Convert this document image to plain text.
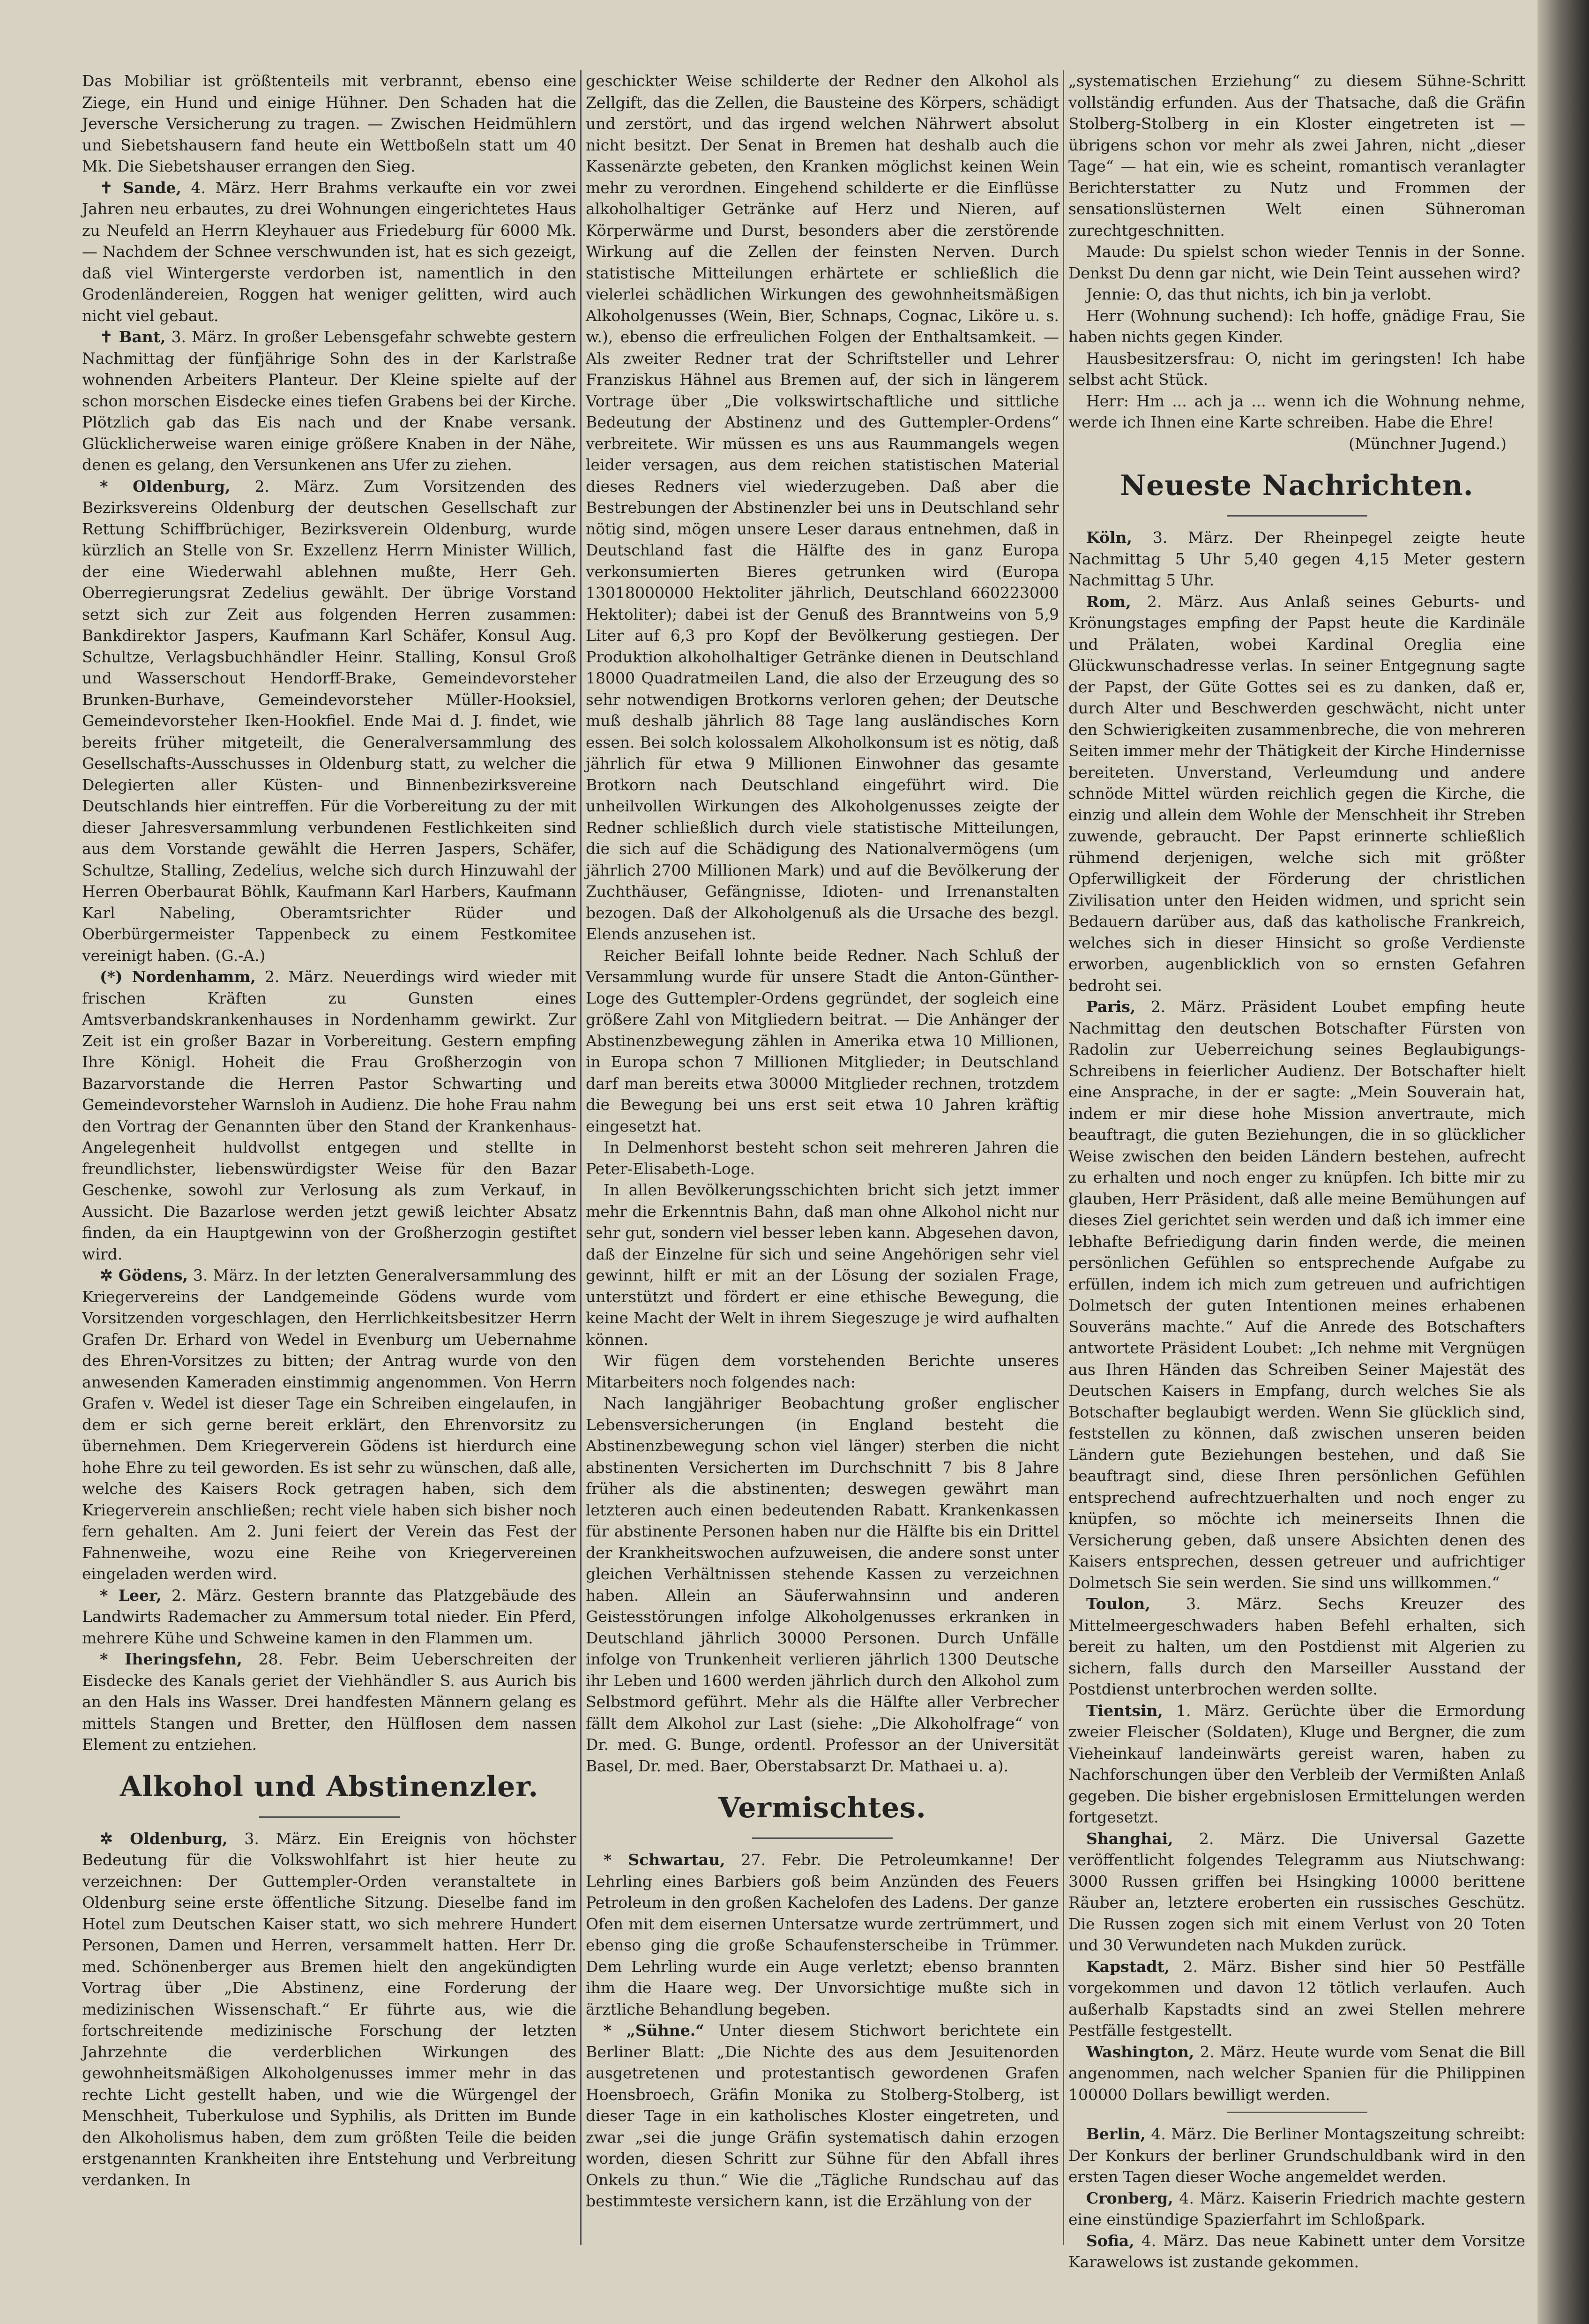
Das Mobiliar ist größtenteils mit verbrannt, ebenso eine Ziege, ein Hund und einige Hühner. Den Schaden hat die Jeversche Versicherung zu tragen. — Zwischen Heidmühlern und Siebetshausern fand heute ein Wettboßeln statt um 40 Mk. Die Siebetshauser errangen den Sieg.

✝ Sande, 4. März. Herr Brahms verkaufte ein vor zwei Jahren neu erbautes, zu drei Wohnungen eingerichtetes Haus zu Neufeld an Herrn Kleyhauer aus Friedeburg für 6000 Mk. — Nachdem der Schnee verschwunden ist, hat es sich gezeigt, daß viel Wintergerste verdorben ist, namentlich in den Grodenländereien, Roggen hat weniger gelitten, wird auch nicht viel gebaut.

✝ Bant, 3. März. In großer Lebensgefahr schwebte gestern Nachmittag der fünfjährige Sohn des in der Karlstraße wohnenden Arbeiters Planteur. Der Kleine spielte auf der schon morschen Eisdecke eines tiefen Grabens bei der Kirche. Plötzlich gab das Eis nach und der Knabe versank. Glücklicherweise waren einige größere Knaben in der Nähe, denen es gelang, den Versunkenen ans Ufer zu ziehen.

* Oldenburg, 2. März. Zum Vorsitzenden des Bezirksvereins Oldenburg der deutschen Gesellschaft zur Rettung Schiffbrüchiger, Bezirksverein Oldenburg, wurde kürzlich an Stelle von Sr. Exzellenz Herrn Minister Willich, der eine Wiederwahl ablehnen mußte, Herr Geh. Oberregierungsrat Zedelius gewählt. Der übrige Vorstand setzt sich zur Zeit aus folgenden Herren zusammen: Bankdirektor Jaspers, Kaufmann Karl Schäfer, Konsul Aug. Schultze, Verlagsbuchhändler Heinr. Stalling, Konsul Groß und Wasserschout Hendorff-Brake, Gemeindevorsteher Brunken-Burhave, Gemeindevorsteher Müller-Hooksiel, Gemeindevorsteher Iken-Hookfiel. Ende Mai d. J. findet, wie bereits früher mitgeteilt, die Generalversammlung des Gesellschafts-Ausschusses in Oldenburg statt, zu welcher die Delegierten aller Küsten- und Binnenbezirksvereine Deutschlands hier eintreffen. Für die Vorbereitung zu der mit dieser Jahresversammlung verbundenen Festlichkeiten sind aus dem Vorstande gewählt die Herren Jaspers, Schäfer, Schultze, Stalling, Zedelius, welche sich durch Hinzuwahl der Herren Oberbaurat Böhlk, Kaufmann Karl Harbers, Kaufmann Karl Nabeling, Oberamtsrichter Rüder und Oberbürgermeister Tappenbeck zu einem Festkomitee vereinigt haben. (G.-A.)

(*) Nordenhamm, 2. März. Neuerdings wird wieder mit frischen Kräften zu Gunsten eines Amtsverbandskrankenhauses in Nordenhamm gewirkt. Zur Zeit ist ein großer Bazar in Vorbereitung. Gestern empfing Ihre Königl. Hoheit die Frau Großherzogin von Bazarvorstande die Herren Pastor Schwarting und Gemeindevorsteher Warnsloh in Audienz. Die hohe Frau nahm den Vortrag der Genannten über den Stand der Krankenhaus-Angelegenheit huldvollst entgegen und stellte in freundlichster, liebenswürdigster Weise für den Bazar Geschenke, sowohl zur Verlosung als zum Verkauf, in Aussicht. Die Bazarlose werden jetzt gewiß leichter Absatz finden, da ein Hauptgewinn von der Großherzogin gestiftet wird.

✲ Gödens, 3. März. In der letzten Generalversammlung des Kriegervereins der Landgemeinde Gödens wurde vom Vorsitzenden vorgeschlagen, den Herrlichkeitsbesitzer Herrn Grafen Dr. Erhard von Wedel in Evenburg um Uebernahme des Ehren-Vorsitzes zu bitten; der Antrag wurde von den anwesenden Kameraden einstimmig angenommen. Von Herrn Grafen v. Wedel ist dieser Tage ein Schreiben eingelaufen, in dem er sich gerne bereit erklärt, den Ehrenvorsitz zu übernehmen. Dem Kriegerverein Gödens ist hierdurch eine hohe Ehre zu teil geworden. Es ist sehr zu wünschen, daß alle, welche des Kaisers Rock getragen haben, sich dem Kriegerverein anschließen; recht viele haben sich bisher noch fern gehalten. Am 2. Juni feiert der Verein das Fest der Fahnenweihe, wozu eine Reihe von Kriegervereinen eingeladen werden wird.

* Leer, 2. März. Gestern brannte das Platzgebäude des Landwirts Rademacher zu Ammersum total nieder. Ein Pferd, mehrere Kühe und Schweine kamen in den Flammen um.

* Iheringsfehn, 28. Febr. Beim Ueberschreiten der Eisdecke des Kanals geriet der Viehhändler S. aus Aurich bis an den Hals ins Wasser. Drei handfesten Männern gelang es mittels Stangen und Bretter, den Hülflosen dem nassen Element zu entziehen.

Alkohol und Abstinenzler.

✲ Oldenburg, 3. März. Ein Ereignis von höchster Bedeutung für die Volkswohlfahrt ist hier heute zu verzeichnen: Der Guttempler-Orden veranstaltete in Oldenburg seine erste öffentliche Sitzung. Dieselbe fand im Hotel zum Deutschen Kaiser statt, wo sich mehrere Hundert Personen, Damen und Herren, versammelt hatten. Herr Dr. med. Schönenberger aus Bremen hielt den angekündigten Vortrag über „Die Abstinenz, eine Forderung der medizinischen Wissenschaft.“ Er führte aus, wie die fortschreitende medizinische Forschung der letzten Jahrzehnte die verderblichen Wirkungen des gewohnheitsmäßigen Alkoholgenusses immer mehr in das rechte Licht gestellt haben, und wie die Würgengel der Menschheit, Tuberkulose und Syphilis, als Dritten im Bunde den Alkoholismus haben, dem zum größten Teile die beiden erstgenannten Krankheiten ihre Entstehung und Verbreitung verdanken. In

geschickter Weise schilderte der Redner den Alkohol als Zellgift, das die Zellen, die Bausteine des Körpers, schädigt und zerstört, und das irgend welchen Nährwert absolut nicht besitzt. Der Senat in Bremen hat deshalb auch die Kassenärzte gebeten, den Kranken möglichst keinen Wein mehr zu verordnen. Eingehend schilderte er die Einflüsse alkoholhaltiger Getränke auf Herz und Nieren, auf Körperwärme und Durst, besonders aber die zerstörende Wirkung auf die Zellen der feinsten Nerven. Durch statistische Mitteilungen erhärtete er schließlich die vielerlei schädlichen Wirkungen des gewohnheitsmäßigen Alkoholgenusses (Wein, Bier, Schnaps, Cognac, Liköre u. s. w.), ebenso die erfreulichen Folgen der Enthaltsamkeit. — Als zweiter Redner trat der Schriftsteller und Lehrer Franziskus Hähnel aus Bremen auf, der sich in längerem Vortrage über „Die volkswirtschaftliche und sittliche Bedeutung der Abstinenz und des Guttempler-Ordens“ verbreitete. Wir müssen es uns aus Raummangels wegen leider versagen, aus dem reichen statistischen Material dieses Redners viel wiederzugeben. Daß aber die Bestrebungen der Abstinenzler bei uns in Deutschland sehr nötig sind, mögen unsere Leser daraus entnehmen, daß in Deutschland fast die Hälfte des in ganz Europa verkonsumierten Bieres getrunken wird (Europa 13018000000 Hektoliter jährlich, Deutschland 660223000 Hektoliter); dabei ist der Genuß des Branntweins von 5,9 Liter auf 6,3 pro Kopf der Bevölkerung gestiegen. Der Produktion alkoholhaltiger Getränke dienen in Deutschland 18000 Quadratmeilen Land, die also der Erzeugung des so sehr notwendigen Brotkorns verloren gehen; der Deutsche muß deshalb jährlich 88 Tage lang ausländisches Korn essen. Bei solch kolossalem Alkoholkonsum ist es nötig, daß jährlich für etwa 9 Millionen Einwohner das gesamte Brotkorn nach Deutschland eingeführt wird. Die unheilvollen Wirkungen des Alkoholgenusses zeigte der Redner schließlich durch viele statistische Mitteilungen, die sich auf die Schädigung des Nationalvermögens (um jährlich 2700 Millionen Mark) und auf die Bevölkerung der Zuchthäuser, Gefängnisse, Idioten- und Irrenanstalten bezogen. Daß der Alkoholgenuß als die Ursache des bezgl. Elends anzusehen ist.

Reicher Beifall lohnte beide Redner. Nach Schluß der Versammlung wurde für unsere Stadt die Anton-Günther-Loge des Guttempler-Ordens gegründet, der sogleich eine größere Zahl von Mitgliedern beitrat. — Die Anhänger der Abstinenzbewegung zählen in Amerika etwa 10 Millionen, in Europa schon 7 Millionen Mitglieder; in Deutschland darf man bereits etwa 30000 Mitglieder rechnen, trotzdem die Bewegung bei uns erst seit etwa 10 Jahren kräftig eingesetzt hat.

In Delmenhorst besteht schon seit mehreren Jahren die Peter-Elisabeth-Loge.

In allen Bevölkerungsschichten bricht sich jetzt immer mehr die Erkenntnis Bahn, daß man ohne Alkohol nicht nur sehr gut, sondern viel besser leben kann. Abgesehen davon, daß der Einzelne für sich und seine Angehörigen sehr viel gewinnt, hilft er mit an der Lösung der sozialen Frage, unterstützt und fördert er eine ethische Bewegung, die keine Macht der Welt in ihrem Siegeszuge je wird aufhalten können.

Wir fügen dem vorstehenden Berichte unseres Mitarbeiters noch folgendes nach:

Nach langjähriger Beobachtung großer englischer Lebensversicherungen (in England besteht die Abstinenzbewegung schon viel länger) sterben die nicht abstinenten Versicherten im Durchschnitt 7 bis 8 Jahre früher als die abstinenten; deswegen gewährt man letzteren auch einen bedeutenden Rabatt. Krankenkassen für abstinente Personen haben nur die Hälfte bis ein Drittel der Krankheitswochen aufzuweisen, die andere sonst unter gleichen Verhältnissen stehende Kassen zu verzeichnen haben. Allein an Säuferwahnsinn und anderen Geistesstörungen infolge Alkoholgenusses erkranken in Deutschland jährlich 30000 Personen. Durch Unfälle infolge von Trunkenheit verlieren jährlich 1300 Deutsche ihr Leben und 1600 werden jährlich durch den Alkohol zum Selbstmord geführt. Mehr als die Hälfte aller Verbrecher fällt dem Alkohol zur Last (siehe: „Die Alkoholfrage“ von Dr. med. G. Bunge, ordentl. Professor an der Universität Basel, Dr. med. Baer, Oberstabsarzt Dr. Mathaei u. a).

Vermischtes.

* Schwartau, 27. Febr. Die Petroleumkanne! Der Lehrling eines Barbiers goß beim Anzünden des Feuers Petroleum in den großen Kachelofen des Ladens. Der ganze Ofen mit dem eisernen Untersatze wurde zertrümmert, und ebenso ging die große Schaufensterscheibe in Trümmer. Dem Lehrling wurde ein Auge verletzt; ebenso brannten ihm die Haare weg. Der Unvorsichtige mußte sich in ärztliche Behandlung begeben.

* „Sühne.“ Unter diesem Stichwort berichtete ein Berliner Blatt: „Die Nichte des aus dem Jesuitenorden ausgetretenen und protestantisch gewordenen Grafen Hoensbroech, Gräfin Monika zu Stolberg-Stolberg, ist dieser Tage in ein katholisches Kloster eingetreten, und zwar „sei die junge Gräfin systematisch dahin erzogen worden, diesen Schritt zur Sühne für den Abfall ihres Onkels zu thun.“ Wie die „Tägliche Rundschau auf das bestimmteste versichern kann, ist die Erzählung von der

„systematischen Erziehung“ zu diesem Sühne-Schritt vollständig erfunden. Aus der Thatsache, daß die Gräfin Stolberg-Stolberg in ein Kloster eingetreten ist — übrigens schon vor mehr als zwei Jahren, nicht „dieser Tage“ — hat ein, wie es scheint, romantisch veranlagter Berichterstatter zu Nutz und Frommen der sensationslüsternen Welt einen Sühneroman zurechtgeschnitten.

Maude: Du spielst schon wieder Tennis in der Sonne. Denkst Du denn gar nicht, wie Dein Teint aussehen wird?

Jennie: O, das thut nichts, ich bin ja verlobt.

Herr (Wohnung suchend): Ich hoffe, gnädige Frau, Sie haben nichts gegen Kinder.

Hausbesitzersfrau: O, nicht im geringsten! Ich habe selbst acht Stück.

Herr: Hm ... ach ja ... wenn ich die Wohnung nehme, werde ich Ihnen eine Karte schreiben. Habe die Ehre!

(Münchner Jugend.)

Neueste Nachrichten.

Köln, 3. März. Der Rheinpegel zeigte heute Nachmittag 5 Uhr 5,40 gegen 4,15 Meter gestern Nachmittag 5 Uhr.

Rom, 2. März. Aus Anlaß seines Geburts- und Krönungstages empfing der Papst heute die Kardinäle und Prälaten, wobei Kardinal Oreglia eine Glückwunschadresse verlas. In seiner Entgegnung sagte der Papst, der Güte Gottes sei es zu danken, daß er, durch Alter und Beschwerden geschwächt, nicht unter den Schwierigkeiten zusammenbreche, die von mehreren Seiten immer mehr der Thätigkeit der Kirche Hindernisse bereiteten. Unverstand, Verleumdung und andere schnöde Mittel würden reichlich gegen die Kirche, die einzig und allein dem Wohle der Menschheit ihr Streben zuwende, gebraucht. Der Papst erinnerte schließlich rühmend derjenigen, welche sich mit größter Opferwilligkeit der Förderung der christlichen Zivilisation unter den Heiden widmen, und spricht sein Bedauern darüber aus, daß das katholische Frankreich, welches sich in dieser Hinsicht so große Verdienste erworben, augenblicklich von so ernsten Gefahren bedroht sei.

Paris, 2. März. Präsident Loubet empfing heute Nachmittag den deutschen Botschafter Fürsten von Radolin zur Ueberreichung seines Beglaubigungs-Schreibens in feierlicher Audienz. Der Botschafter hielt eine Ansprache, in der er sagte: „Mein Souverain hat, indem er mir diese hohe Mission anvertraute, mich beauftragt, die guten Beziehungen, die in so glücklicher Weise zwischen den beiden Ländern bestehen, aufrecht zu erhalten und noch enger zu knüpfen. Ich bitte mir zu glauben, Herr Präsident, daß alle meine Bemühungen auf dieses Ziel gerichtet sein werden und daß ich immer eine lebhafte Befriedigung darin finden werde, die meinen persönlichen Gefühlen so entsprechende Aufgabe zu erfüllen, indem ich mich zum getreuen und aufrichtigen Dolmetsch der guten Intentionen meines erhabenen Souveräns machte.“ Auf die Anrede des Botschafters antwortete Präsident Loubet: „Ich nehme mit Vergnügen aus Ihren Händen das Schreiben Seiner Majestät des Deutschen Kaisers in Empfang, durch welches Sie als Botschafter beglaubigt werden. Wenn Sie glücklich sind, feststellen zu können, daß zwischen unseren beiden Ländern gute Beziehungen bestehen, und daß Sie beauftragt sind, diese Ihren persönlichen Gefühlen entsprechend aufrechtzuerhalten und noch enger zu knüpfen, so möchte ich meinerseits Ihnen die Versicherung geben, daß unsere Absichten denen des Kaisers entsprechen, dessen getreuer und aufrichtiger Dolmetsch Sie sein werden. Sie sind uns willkommen.“

Toulon, 3. März. Sechs Kreuzer des Mittelmeergeschwaders haben Befehl erhalten, sich bereit zu halten, um den Postdienst mit Algerien zu sichern, falls durch den Marseiller Ausstand der Postdienst unterbrochen werden sollte.

Tientsin, 1. März. Gerüchte über die Ermordung zweier Fleischer (Soldaten), Kluge und Bergner, die zum Vieheinkauf landeinwärts gereist waren, haben zu Nachforschungen über den Verbleib der Vermißten Anlaß gegeben. Die bisher ergebnislosen Ermittelungen werden fortgesetzt.

Shanghai, 2. März. Die Universal Gazette veröffentlicht folgendes Telegramm aus Niutschwang: 3000 Russen griffen bei Hsingking 10000 berittene Räuber an, letztere eroberten ein russisches Geschütz. Die Russen zogen sich mit einem Verlust von 20 Toten und 30 Verwundeten nach Mukden zurück.

Kapstadt, 2. März. Bisher sind hier 50 Pestfälle vorgekommen und davon 12 tötlich verlaufen. Auch außerhalb Kapstadts sind an zwei Stellen mehrere Pestfälle festgestellt.

Washington, 2. März. Heute wurde vom Senat die Bill angenommen, nach welcher Spanien für die Philippinen 100000 Dollars bewilligt werden.

Berlin, 4. März. Die Berliner Montagszeitung schreibt: Der Konkurs der berliner Grundschuldbank wird in den ersten Tagen dieser Woche angemeldet werden.

Cronberg, 4. März. Kaiserin Friedrich machte gestern eine einstündige Spazierfahrt im Schloßpark.

Sofia, 4. März. Das neue Kabinett unter dem Vorsitze Karawelows ist zustande gekommen.
